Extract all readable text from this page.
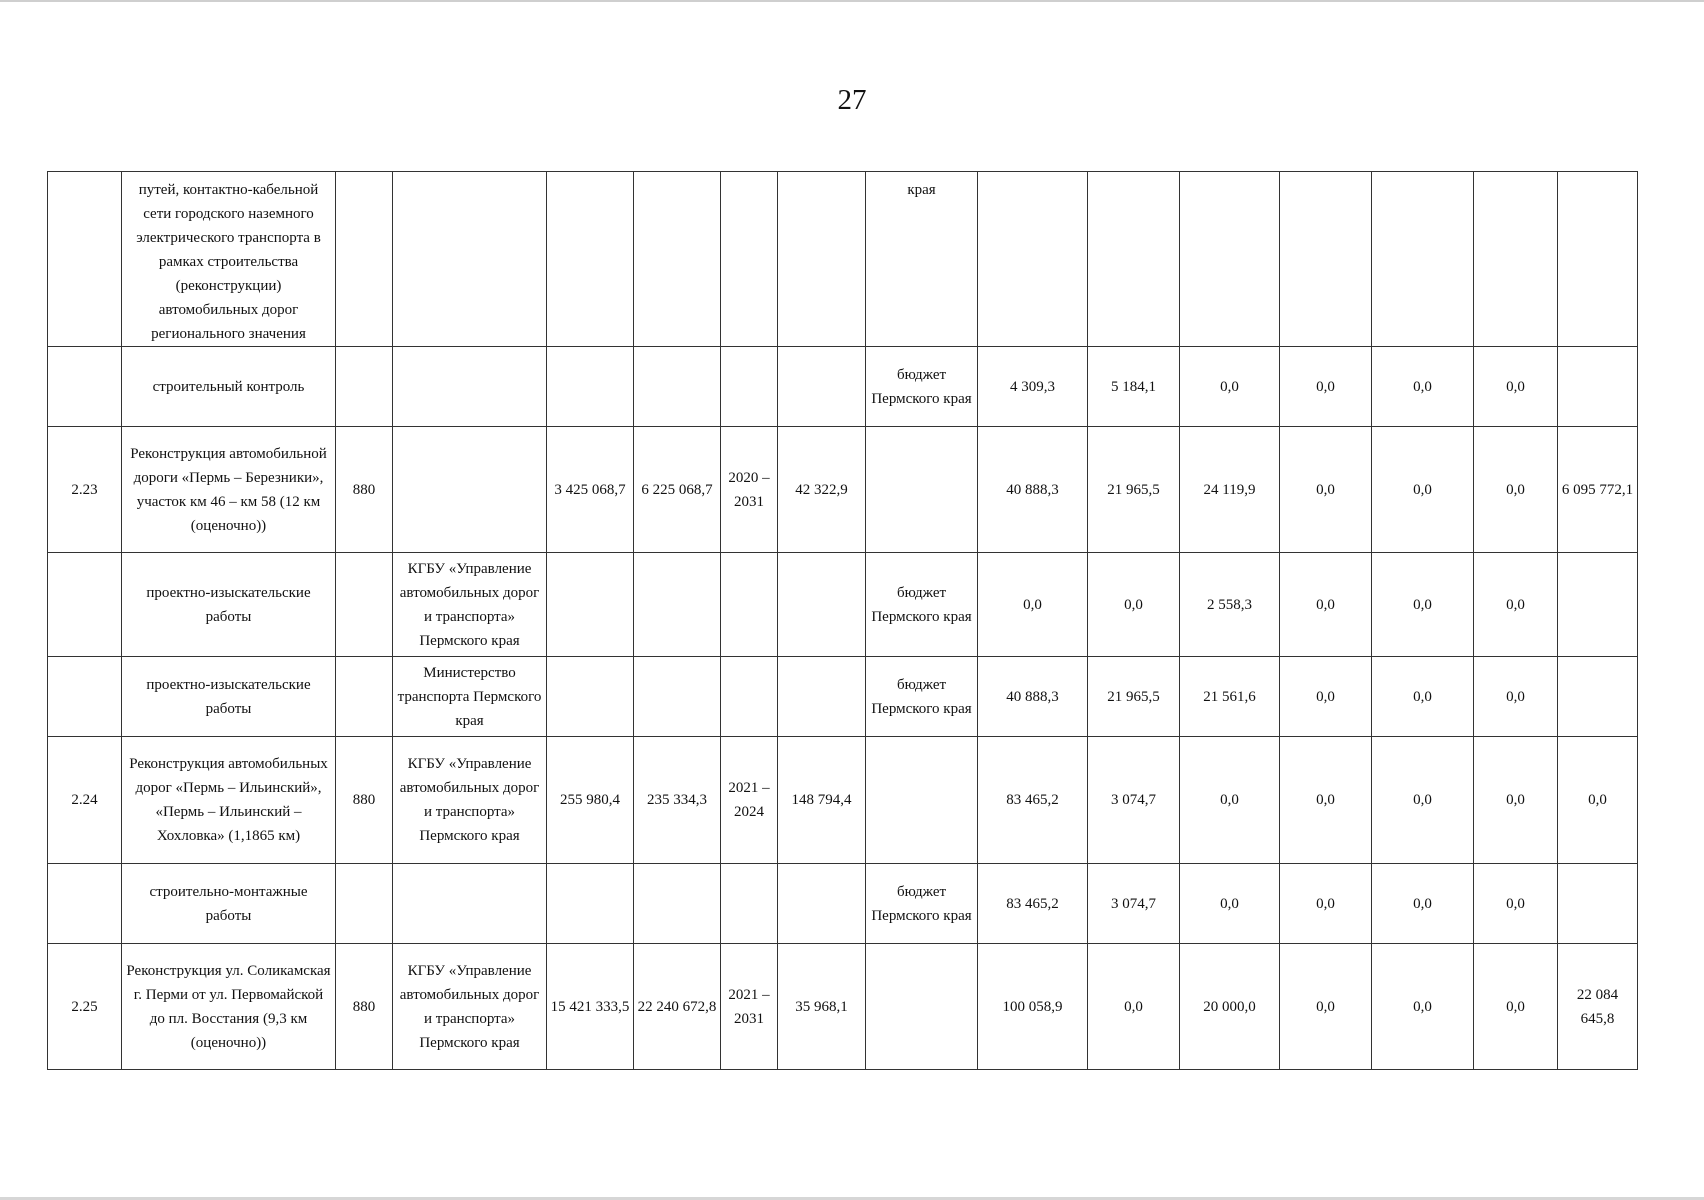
27
	путей, контактно-кабельной сети городского наземного электрического транспорта в рамках строительства (реконструкции) автомобильных дорог регионального значения							края							
	строительный контроль							бюджет Пермского края	4 309,3	5 184,1	0,0	0,0	0,0	0,0	
2.23	Реконструкция автомобильной дороги «Пермь – Березники», участок км 46 – км 58 (12 км (оценочно))	880		3 425 068,7	6 225 068,7	2020 – 2031	42 322,9		40 888,3	21 965,5	24 119,9	0,0	0,0	0,0	6 095 772,1
	проектно-изыскательские работы		КГБУ «Управление автомобильных дорог и транспорта» Пермского края					бюджет Пермского края	0,0	0,0	2 558,3	0,0	0,0	0,0	
	проектно-изыскательские работы		Министерство транспорта Пермского края					бюджет Пермского края	40 888,3	21 965,5	21 561,6	0,0	0,0	0,0	
2.24	Реконструкция автомобильных дорог «Пермь – Ильинский», «Пермь – Ильинский – Хохловка» (1,1865 км)	880	КГБУ «Управление автомобильных дорог и транспорта» Пермского края	255 980,4	235 334,3	2021 – 2024	148 794,4		83 465,2	3 074,7	0,0	0,0	0,0	0,0	0,0
	строительно-монтажные работы							бюджет Пермского края	83 465,2	3 074,7	0,0	0,0	0,0	0,0	
2.25	Реконструкция ул. Соликамская г. Перми от ул. Первомайской до пл. Восстания (9,3 км (оценочно))	880	КГБУ «Управление автомобильных дорог и транспорта» Пермского края	15 421 333,5	22 240 672,8	2021 – 2031	35 968,1		100 058,9	0,0	20 000,0	0,0	0,0	0,0	22 084 645,8
